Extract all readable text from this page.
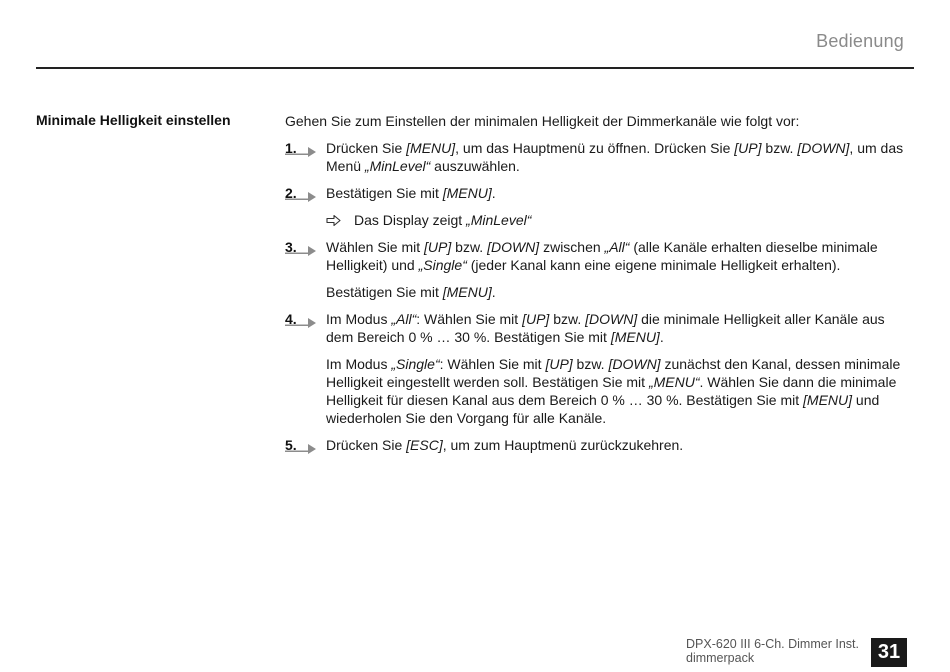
Bedienung
Minimale Helligkeit einstellen	Gehen Sie zum Einstellen der minimalen Helligkeit der Dimmerkanäle wie folgt vor:

1. Drücken Sie [MENU], um das Hauptmenü zu öffnen. Drücken Sie [UP] bzw. [DOWN], um das Menü „MinLevel“ auszuwählen.

2. Bestätigen Sie mit [MENU].

Das Display zeigt „MinLevel“
3. Wählen Sie mit [UP] bzw. [DOWN] zwischen „All“ (alle Kanäle erhalten dieselbe minimale Helligkeit) und „Single“ (jeder Kanal kann eine eigene minimale Helligkeit erhalten).

Bestätigen Sie mit [MENU].

4. Im Modus „All“: Wählen Sie mit [UP] bzw. [DOWN] die minimale Helligkeit aller Kanäle aus dem Bereich 0 % … 30 %. Bestätigen Sie mit [MENU].

Im Modus „Single“: Wählen Sie mit [UP] bzw. [DOWN] zunächst den Kanal, dessen minimale Helligkeit eingestellt werden soll. Bestätigen Sie mit „MENU“. Wählen Sie dann die minimale Helligkeit für diesen Kanal aus dem Bereich 0 % … 30 %. Bestätigen Sie mit [MENU] und wiederholen Sie den Vorgang für alle Kanäle.

5. Drücken Sie [ESC], um zum Hauptmenü zurückzukehren.

DPX-620 III 6-Ch. Dimmer Inst.
dimmerpack	31
